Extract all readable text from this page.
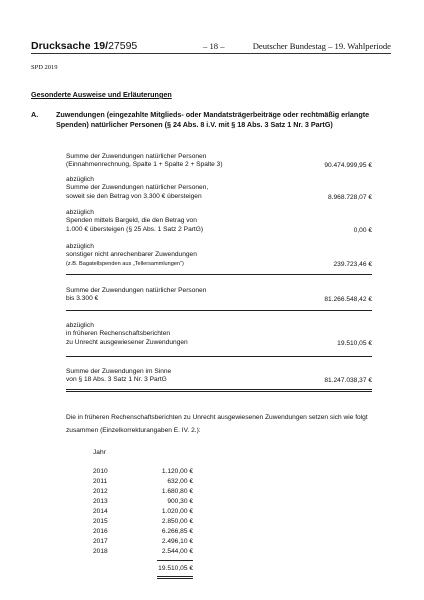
Drucksache 19/27595	– 18 –	Deutscher Bundestag – 19. Wahlperiode
SPD 2019
Gesonderte Ausweise und Erläuterungen
A. Zuwendungen (eingezahlte Mitglieds- oder Mandatsträgerbeiträge oder rechtmäßig erlangte Spenden) natürlicher Personen (§ 24 Abs. 8 i.V. mit § 18 Abs. 3 Satz 1 Nr. 3 PartG)
Summe der Zuwendungen natürlicher Personen
(Einnahmenrechnung, Spalte 1 + Spalte 2 + Spalte 3)	90.474.999,95 €
abzüglich
Summe der Zuwendungen natürlicher Personen,
soweit sie den Betrag von 3.300 € übersteigen	8.968.728,07 €
abzüglich
Spenden mittels Bargeld, die den Betrag von
1.000 € übersteigen (§ 25 Abs. 1 Satz 2 PartG)	0,00 €
abzüglich
sonstiger nicht anrechenbarer Zuwendungen
(z.B. Bagatellspenden aus „Tellersammlungen“)	239.723,46 €
Summe der Zuwendungen natürlicher Personen
bis 3.300 €	81.266.548,42 €
abzüglich
in früheren Rechenschaftsberichten
zu Unrecht ausgewiesener Zuwendungen	19.510,05 €
Summe der Zuwendungen im Sinne
von § 18 Abs. 3 Satz 1 Nr. 3 PartG	81.247.038,37 €
Die in früheren Rechenschaftsberichten zu Unrecht ausgewiesenen Zuwendungen setzen sich wie folgt zusammen (Einzelkorrekturangaben E. IV. 2.):
Jahr
2010	1.120,00 €
2011	632,00 €
2012	1.680,80 €
2013	900,30 €
2014	1.020,00 €
2015	2.850,00 €
2016	6.266,85 €
2017	2.496,10 €
2018	2.544,00 €
19.510,05 €
